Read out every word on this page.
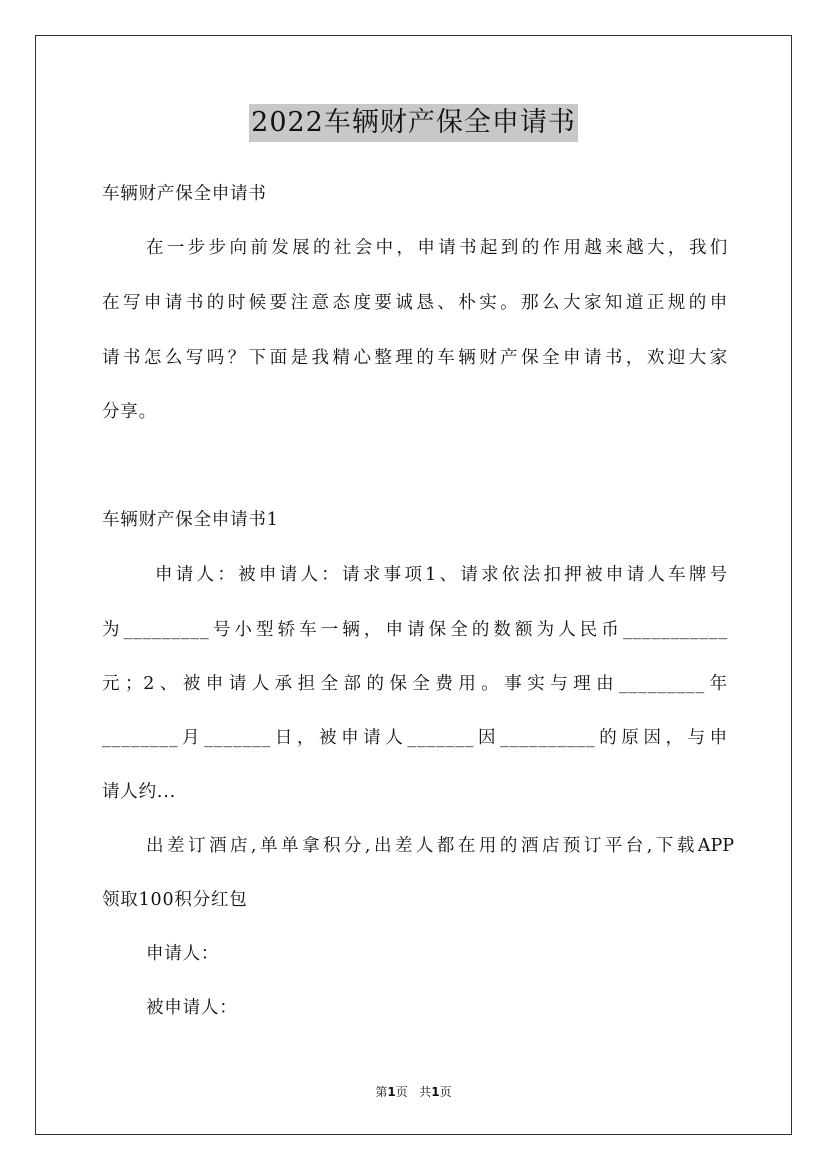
2022车辆财产保全申请书
车辆财产保全申请书
在一步步向前发展的社会中，申请书起到的作用越来越大，我们
在写申请书的时候要注意态度要诚恳、朴实。那么大家知道正规的申
请书怎么写吗？下面是我精心整理的车辆财产保全申请书，欢迎大家
分享。
车辆财产保全申请书1
申请人：被申请人：请求事项1、请求依法扣押被申请人车牌号
为_________号小型轿车一辆，申请保全的数额为人民币___________
元；2、被申请人承担全部的保全费用。事实与理由_________年
________月_______日，被申请人_______因__________的原因，与申
请人约...
出差订酒店,单单拿积分,出差人都在用的酒店预订平台,下载APP
领取100积分红包
申请人：
被申请人：
第1页   共1页
